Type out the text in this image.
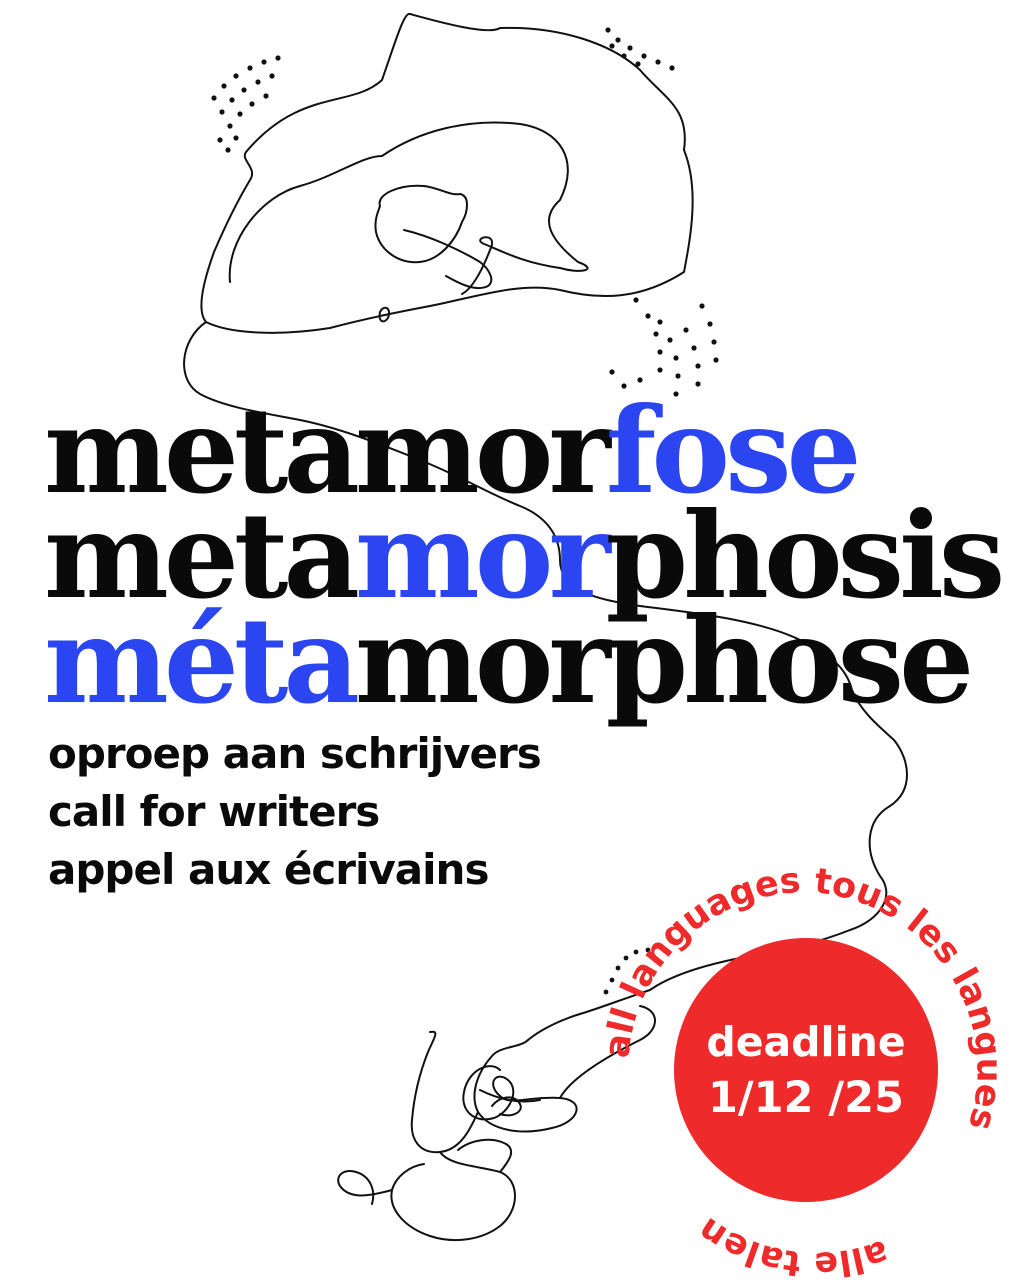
metamorfose
metamorphosis
métamorphose

oproep aan schrijvers

call for writers

appel aux écrivains

deadline
1/12 /25
all languages tous les langues
alle talen
